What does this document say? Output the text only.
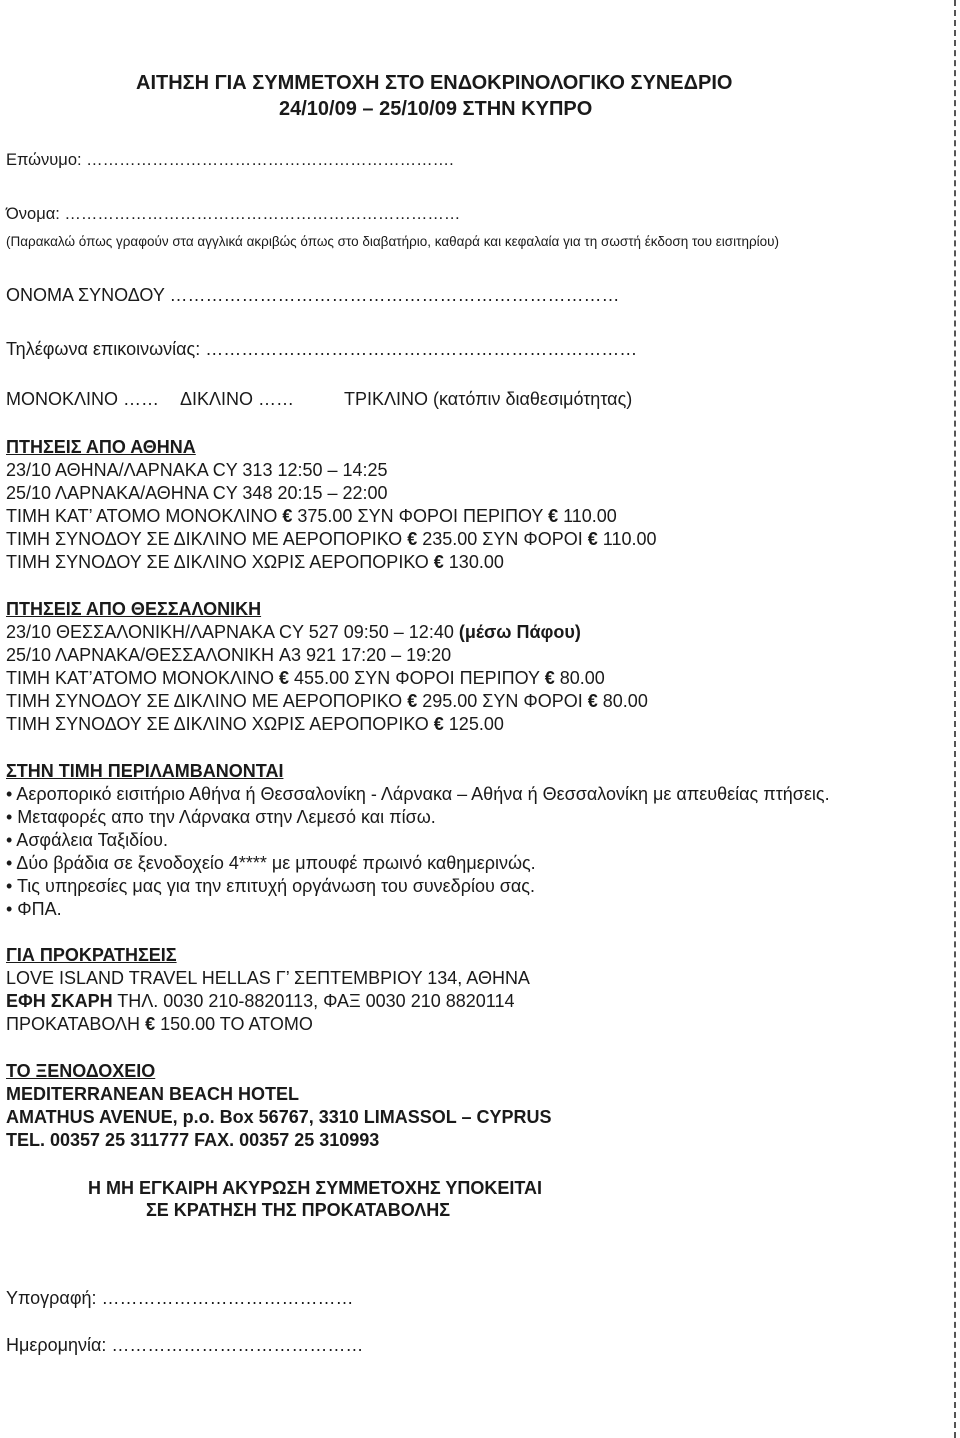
ΑΙΤΗΣΗ ΓΙΑ ΣΥΜΜΕΤΟΧΗ ΣΤΟ ΕΝΔΟΚΡΙΝΟΛΟΓΙΚΟ ΣΥΝΕΔΡΙΟ
24/10/09 – 25/10/09 ΣΤΗΝ ΚΥΠΡΟ
Επώνυμο: ………………………………………………………….
Όνομα: ………………………………………………………………
(Παρακαλώ όπως γραφούν στα αγγλικά ακριβώς όπως στο διαβατήριο, καθαρά και κεφαλαία για τη σωστή έκδοση του εισιτηρίου)
ΟΝΟΜΑ ΣΥΝΟΔΟΥ …………………………………………………………………
Τηλέφωνα επικοινωνίας: ………………………………………………………………
ΜΟΝΟΚΛΙΝΟ …… ΔΙΚΛΙΝΟ ……	ΤΡΙΚΛΙΝΟ (κατόπιν διαθεσιμότητας)
ΠΤΗΣΕΙΣ ΑΠΟ ΑΘΗΝΑ
23/10 ΑΘΗΝΑ/ΛΑΡΝΑΚΑ CY 313 12:50 – 14:25
25/10 ΛΑΡΝΑΚΑ/ΑΘΗΝΑ CY 348 20:15 – 22:00
ΤΙΜΗ ΚΑΤ’ ΑΤΟΜΟ ΜΟΝΟΚΛΙΝΟ € 375.00 ΣΥΝ ΦΟΡΟΙ ΠΕΡΙΠΟΥ € 110.00
ΤΙΜΗ ΣΥΝΟΔΟΥ ΣΕ ΔΙΚΛΙΝΟ ΜΕ ΑΕΡΟΠΟΡΙΚΟ € 235.00 ΣΥΝ ΦΟΡΟΙ € 110.00
ΤΙΜΗ ΣΥΝΟΔΟΥ ΣΕ ΔΙΚΛΙΝΟ ΧΩΡΙΣ ΑΕΡΟΠΟΡΙΚΟ € 130.00
ΠΤΗΣΕΙΣ ΑΠΟ ΘΕΣΣΑΛΟΝΙΚΗ
23/10 ΘΕΣΣΑΛΟΝΙΚΗ/ΛΑΡΝΑΚΑ CY 527 09:50 – 12:40 (μέσω Πάφου)
25/10 ΛΑΡΝΑΚΑ/ΘΕΣΣΑΛΟΝΙΚΗ A3 921 17:20 – 19:20
ΤΙΜΗ ΚΑΤ’ΑΤΟΜΟ ΜΟΝΟΚΛΙΝΟ € 455.00 ΣΥΝ ΦΟΡΟΙ ΠΕΡΙΠΟΥ € 80.00
ΤΙΜΗ ΣΥΝΟΔΟΥ ΣΕ ΔΙΚΛΙΝΟ ΜΕ ΑΕΡΟΠΟΡΙΚΟ € 295.00 ΣΥΝ ΦΟΡΟΙ € 80.00
ΤΙΜΗ ΣΥΝΟΔΟΥ ΣΕ ΔΙΚΛΙΝΟ ΧΩΡΙΣ ΑΕΡΟΠΟΡΙΚΟ € 125.00
ΣΤΗΝ ΤΙΜΗ ΠΕΡΙΛΑΜΒΑΝΟΝΤΑΙ
• Αεροπορικό εισιτήριο Αθήνα ή Θεσσαλονίκη - Λάρνακα – Αθήνα ή Θεσσαλονίκη με απευθείας πτήσεις.
• Μεταφορές απο την Λάρνακα στην Λεμεσό και πίσω.
• Ασφάλεια Ταξιδίου.
• Δύο βράδια σε ξενοδοχείο 4**** με μπουφέ πρωινό καθημερινώς.
• Τις υπηρεσίες μας για την επιτυχή οργάνωση του συνεδρίου σας.
• ΦΠΑ.
ΓΙΑ ΠΡΟΚΡΑΤΗΣΕΙΣ
LOVE ISLAND TRAVEL HELLAS Γ’ ΣΕΠΤΕΜΒΡΙΟΥ 134, ΑΘΗΝΑ
ΕΦΗ ΣΚΑΡΗ ΤΗΛ. 0030 210-8820113, ΦΑΞ 0030 210 8820114
ΠΡΟΚΑΤΑΒΟΛΗ € 150.00 ΤΟ ΑΤΟΜΟ
ΤΟ ΞΕΝΟΔΟΧΕΙΟ
MEDITERRANEAN BEACH HOTEL
AMATHUS AVENUE, p.o. Box 56767, 3310 LIMASSOL – CYPRUS
TEL. 00357 25 311777 FAX. 00357 25 310993
Η ΜΗ ΕΓΚΑΙΡΗ ΑΚΥΡΩΣΗ ΣΥΜΜΕΤΟΧΗΣ ΥΠΟΚΕΙΤΑΙ
ΣΕ ΚΡΑΤΗΣΗ ΤΗΣ ΠΡΟΚΑΤΑΒΟΛΗΣ
Υπογραφή: ……………………………………
Ημερομηνία: ……………………………………
